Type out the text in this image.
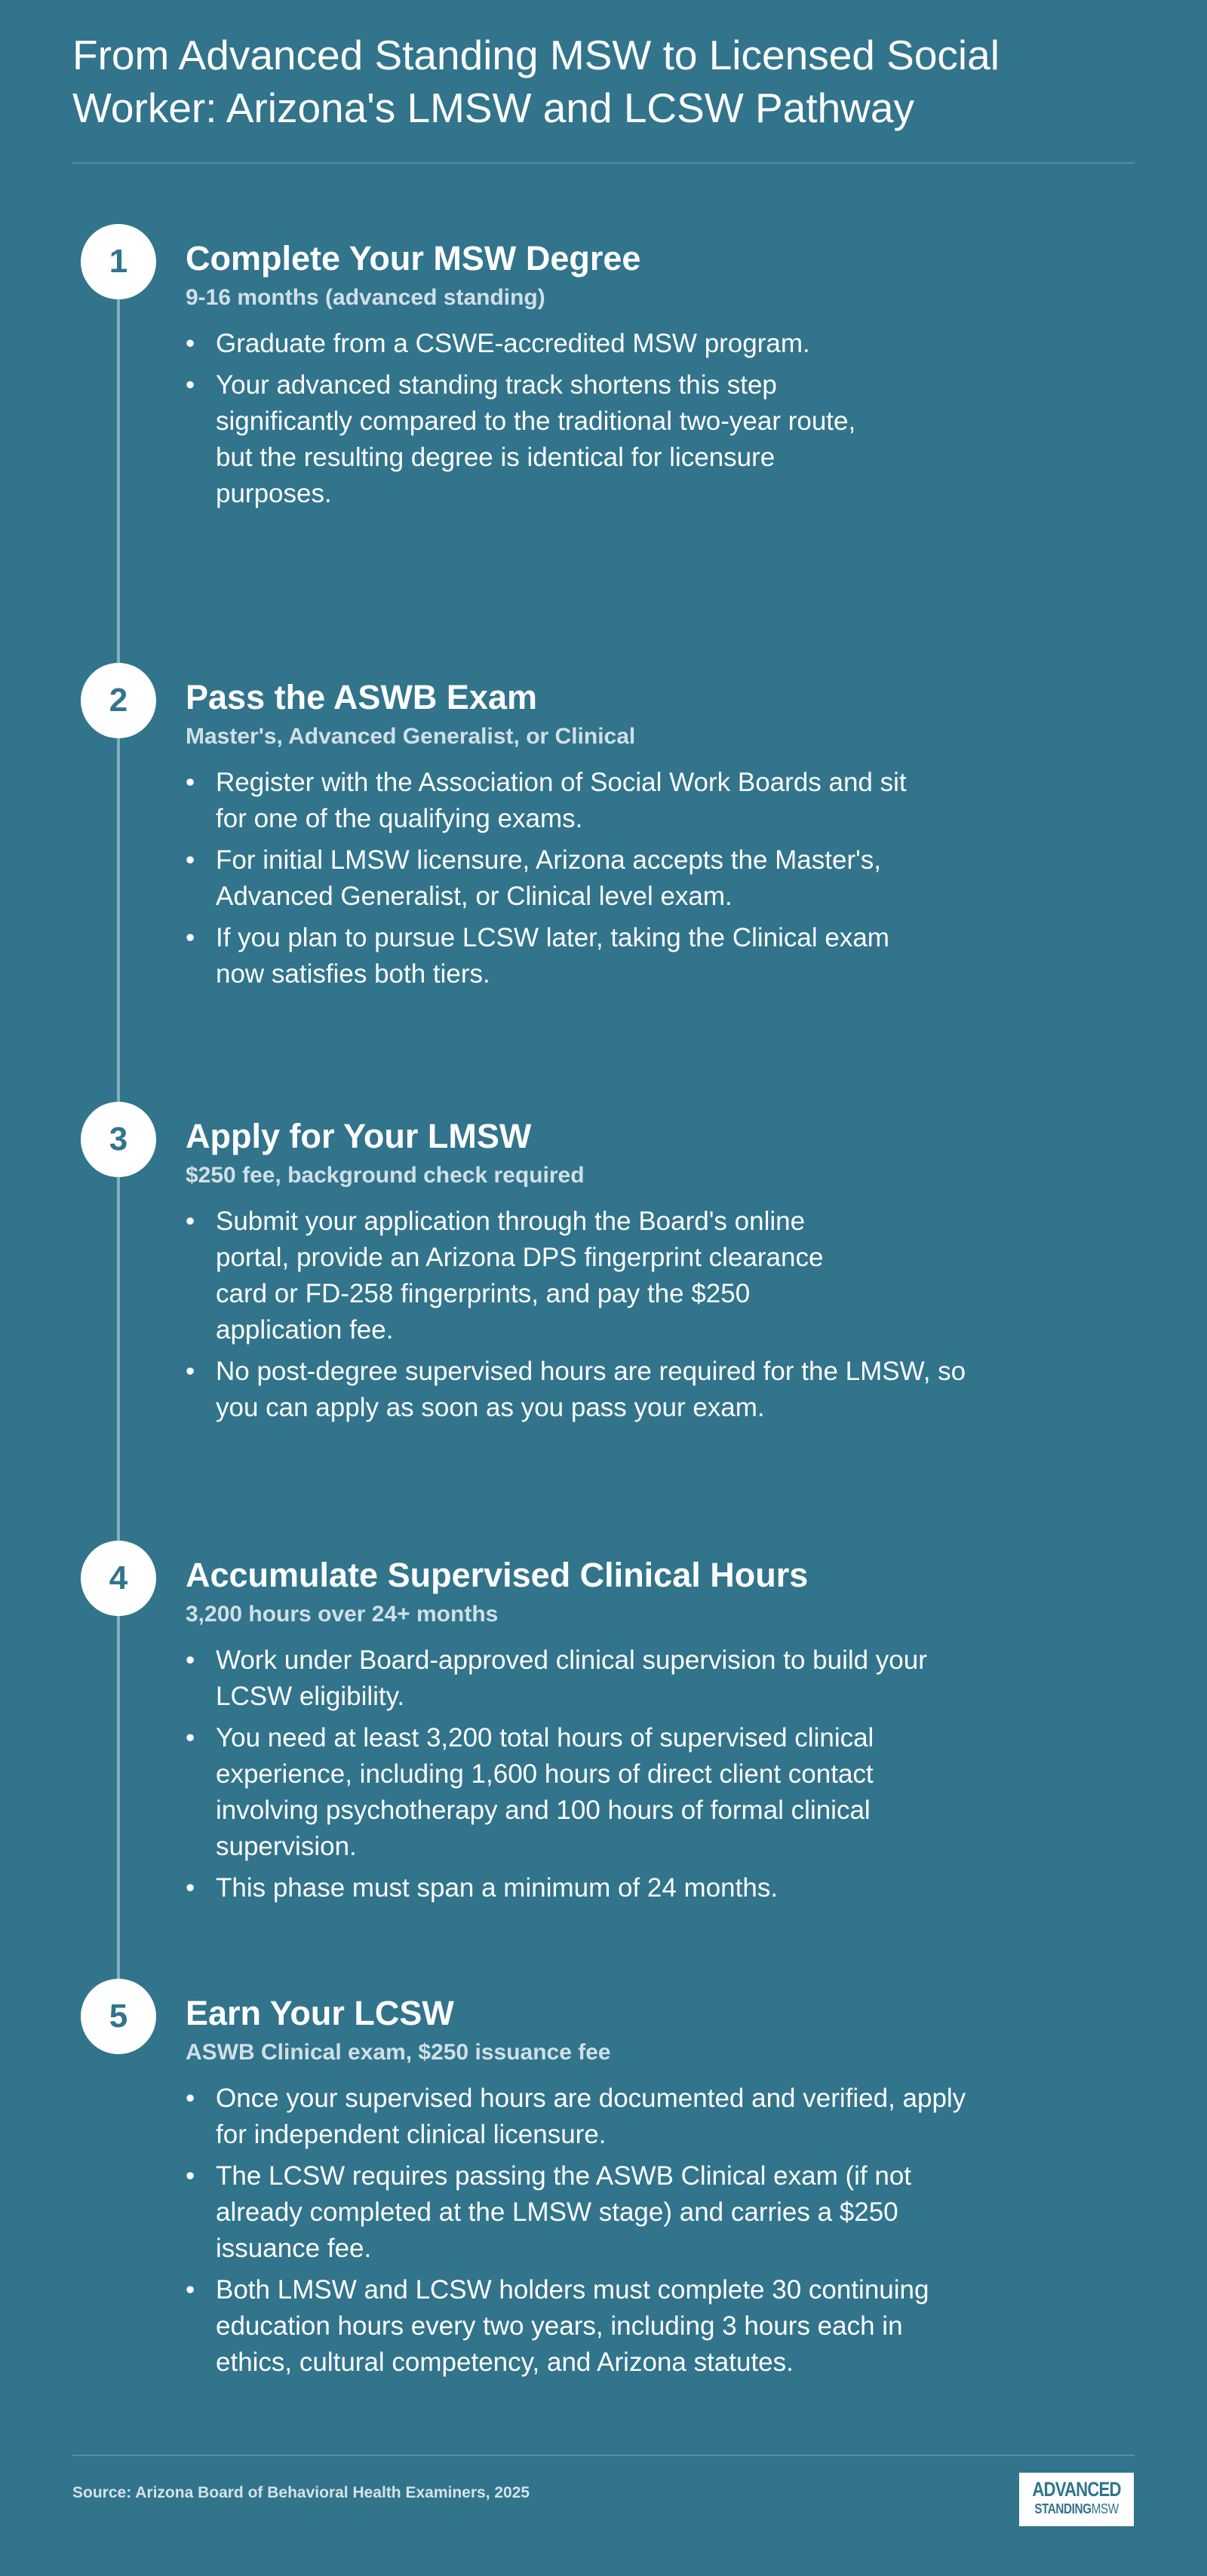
From Advanced Standing MSW to Licensed Social Worker: Arizona's LMSW and LCSW Pathway
1	Complete Your MSW Degree

9-16 months (advanced standing)

• Graduate from a CSWE-accredited MSW program.
• Your advanced standing track shortens this step significantly compared to the traditional two-year route, but the resulting degree is identical for licensure purposes.
2	Pass the ASWB Exam

Master's, Advanced Generalist, or Clinical

• Register with the Association of Social Work Boards and sit for one of the qualifying exams.
• For initial LMSW licensure, Arizona accepts the Master's, Advanced Generalist, or Clinical level exam.
• If you plan to pursue LCSW later, taking the Clinical exam now satisfies both tiers.
3	Apply for Your LMSW

$250 fee, background check required

• Submit your application through the Board's online portal, provide an Arizona DPS fingerprint clearance card or FD-258 fingerprints, and pay the $250 application fee.
• No post-degree supervised hours are required for the LMSW, so you can apply as soon as you pass your exam.
4	Accumulate Supervised Clinical Hours

3,200 hours over 24+ months

• Work under Board-approved clinical supervision to build your LCSW eligibility.
• You need at least 3,200 total hours of supervised clinical experience, including 1,600 hours of direct client contact involving psychotherapy and 100 hours of formal clinical supervision.
• This phase must span a minimum of 24 months.
5	Earn Your LCSW

ASWB Clinical exam, $250 issuance fee

• Once your supervised hours are documented and verified, apply for independent clinical licensure.
• The LCSW requires passing the ASWB Clinical exam (if not already completed at the LMSW stage) and carries a $250 issuance fee.
• Both LMSW and LCSW holders must complete 30 continuing education hours every two years, including 3 hours each in ethics, cultural competency, and Arizona statutes.

Source: Arizona Board of Behavioral Health Examiners, 2025	ADVANCED
STANDINGMSW
